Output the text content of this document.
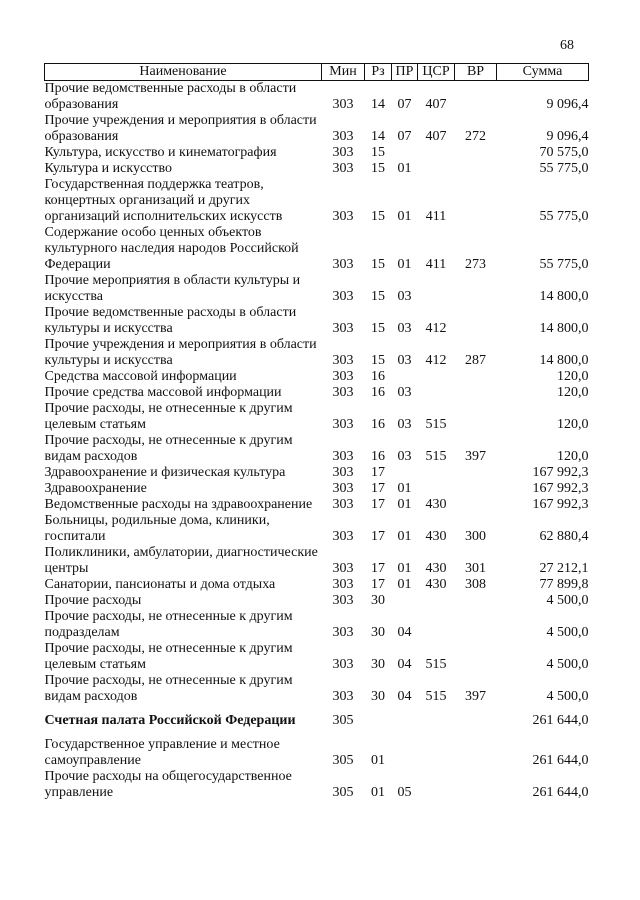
68
Наименование	Мин	Рз	ПР	ЦСР	ВР	Сумма
Прочие ведомственные расходы в области образования	303	14	07	407		9 096,4
Прочие учреждения и мероприятия в области образования	303	14	07	407	272	9 096,4
Культура, искусство и кинематография	303	15				70 575,0
Культура и искусство	303	15	01			55 775,0
Государственная поддержка театров, концертных организаций и других организаций исполнительских искусств	303	15	01	411		55 775,0
Содержание особо ценных объектов культурного наследия народов Российской Федерации	303	15	01	411	273	55 775,0
Прочие мероприятия в области культуры и искусства	303	15	03			14 800,0
Прочие ведомственные расходы в области культуры и искусства	303	15	03	412		14 800,0
Прочие учреждения и мероприятия в области культуры и искусства	303	15	03	412	287	14 800,0
Средства массовой информации	303	16				120,0
Прочие средства массовой информации	303	16	03			120,0
Прочие расходы, не отнесенные к другим целевым статьям	303	16	03	515		120,0
Прочие расходы, не отнесенные к другим видам расходов	303	16	03	515	397	120,0
Здравоохранение и физическая культура	303	17				167 992,3
Здравоохранение	303	17	01			167 992,3
Ведомственные расходы на здравоохранение	303	17	01	430		167 992,3
Больницы, родильные дома, клиники, госпитали	303	17	01	430	300	62 880,4
Поликлиники, амбулатории, диагностические центры	303	17	01	430	301	27 212,1
Санатории, пансионаты и дома отдыха	303	17	01	430	308	77 899,8
Прочие расходы	303	30				4 500,0
Прочие расходы, не отнесенные к другим подразделам	303	30	04			4 500,0
Прочие расходы, не отнесенные к другим целевым статьям	303	30	04	515		4 500,0
Прочие расходы, не отнесенные к другим видам расходов	303	30	04	515	397	4 500,0

Счетная палата Российской Федерации	305					261 644,0

Государственное управление и местное самоуправление	305	01				261 644,0
Прочие расходы на общегосударственное управление	305	01	05			261 644,0
